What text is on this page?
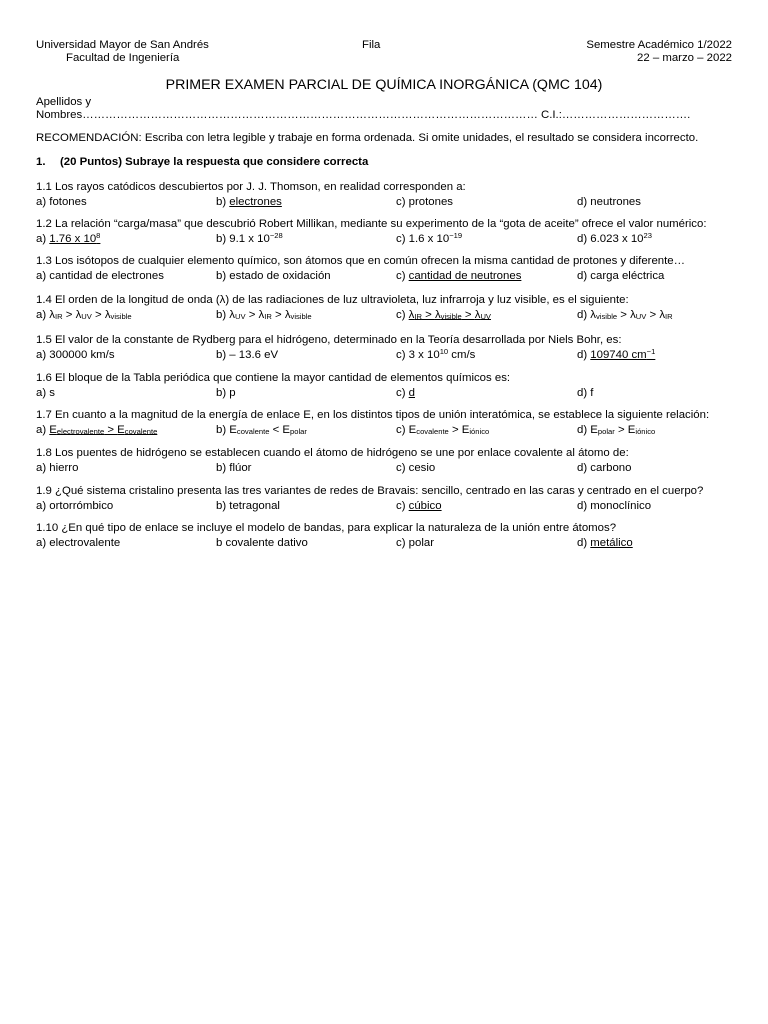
Universidad Mayor de San Andrés	Fila	Semestre Académico 1/2022
Facultad de Ingeniería	22 – marzo – 2022
PRIMER EXAMEN PARCIAL DE QUÍMICA INORGÁNICA (QMC 104)
Apellidos y
Nombres………………………………………………………………………………………………………… C.I.:…………………………….
RECOMENDACIÓN: Escriba con letra legible y trabaje en forma ordenada. Si omite unidades, el resultado se considera incorrecto.
1. (20 Puntos) Subraye la respuesta que considere correcta
1.1 Los rayos catódicos descubiertos por J. J. Thomson, en realidad corresponden a:
a) fotones	b) electrones	c) protones	d) neutrones
1.2 La relación “carga/masa” que descubrió Robert Millikan, mediante su experimento de la “gota de aceite” ofrece el valor numérico:
a) 1.76 x $10^8$	b) 9.1 x $10^{-28}$	c) 1.6 x $10^{-19}$	d) 6.023 x $10^{23}$
1.3 Los isótopos de cualquier elemento químico, son átomos que en común ofrecen la misma cantidad de protones y diferente…
a) cantidad de electrones	b) estado de oxidación	c) cantidad de neutrones	d) carga eléctrica
1.4 El orden de la longitud de onda (λ) de las radiaciones de luz ultravioleta, luz infrarroja y luz visible, es el siguiente:
a) $\lambda_{IR} > \lambda_{UV} > \lambda_{visible}$	b) $\lambda_{UV} > \lambda_{IR} > \lambda_{visible}$	c) $\lambda_{IR} > \lambda_{visible} > \lambda_{UV}$	d) $\lambda_{visible} > \lambda_{UV} > \lambda_{IR}$
1.5 El valor de la constante de Rydberg para el hidrógeno, determinado en la Teoría desarrollada por Niels Bohr, es:
a) 300000 km/s	b) – 13.6 eV	c) 3 x $10^{10}$ cm/s	d) 109740 $cm^{-1}$
1.6 El bloque de la Tabla periódica que contiene la mayor cantidad de elementos químicos es:
a) s	b) p	c) d	d) f
1.7 En cuanto a la magnitud de la energía de enlace E, en los distintos tipos de unión interatómica, se establece la siguiente relación:
a) $E_{electrovalente} > E_{covalente}$	b) $E_{covalente} < E_{polar}$	c) $E_{covalente} > E_{iónico}$	d) $E_{polar} > E_{iónico}$
1.8 Los puentes de hidrógeno se establecen cuando el átomo de hidrógeno se une por enlace covalente al átomo de:
a) hierro	b) flúor	c) cesio	d) carbono
1.9 ¿Qué sistema cristalino presenta las tres variantes de redes de Bravais: sencillo, centrado en las caras y centrado en el cuerpo?
a) ortorrómbico	b) tetragonal	c) cúbico	d) monoclínico
1.10 ¿En qué tipo de enlace se incluye el modelo de bandas, para explicar la naturaleza de la unión entre átomos?
a) electrovalente	b covalente dativo	c) polar	d) metálico
